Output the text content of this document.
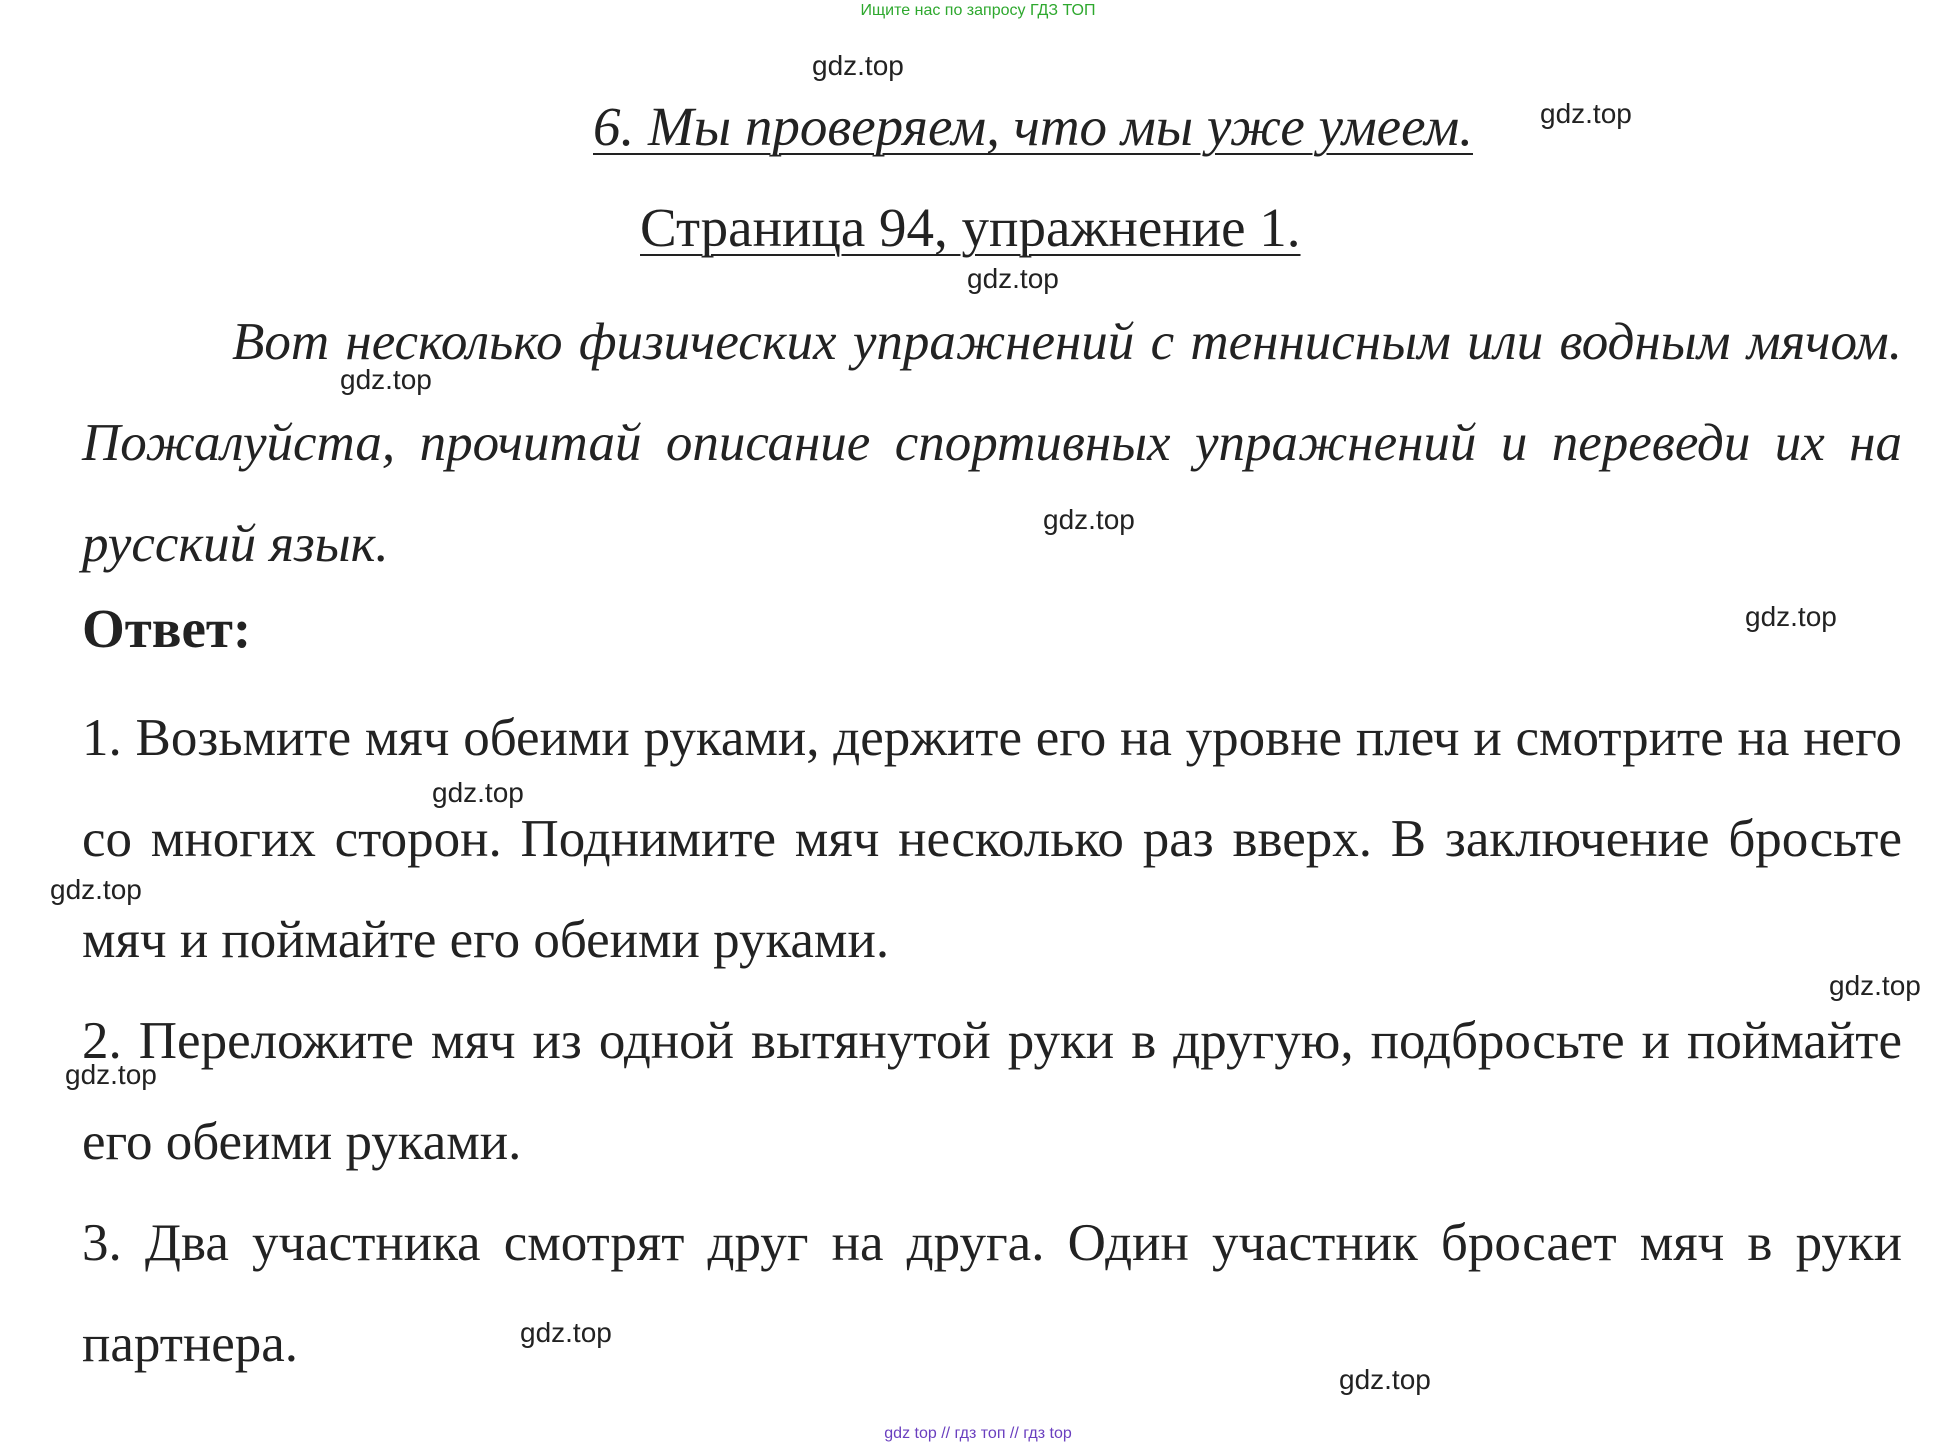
Ищите нас по запросу ГДЗ ТОП
6. Мы проверяем, что мы уже умеем.
Страница 94, упражнение 1.
Вот несколько физических упражнений с теннисным или водным мячом. Пожалуйста, прочитай описание спортивных упражнений и переведи их на русский язык.
Ответ:
1. Возьмите мяч обеими руками, держите его на уровне плеч и смотрите на него со многих сторон. Поднимите мяч несколько раз вверх. В заключение бросьте мяч и поймайте его обеими руками.
2. Переложите мяч из одной вытянутой руки в другую, подбросьте и поймайте его обеими руками.
3. Два участника смотрят друг на друга. Один участник бросает мяч в руки партнера.
gdz.top
gdz.top
gdz.top
gdz.top
gdz.top
gdz.top
gdz.top
gdz.top
gdz.top
gdz.top
gdz.top
gdz.top
gdz top // гдз топ // гдз top
